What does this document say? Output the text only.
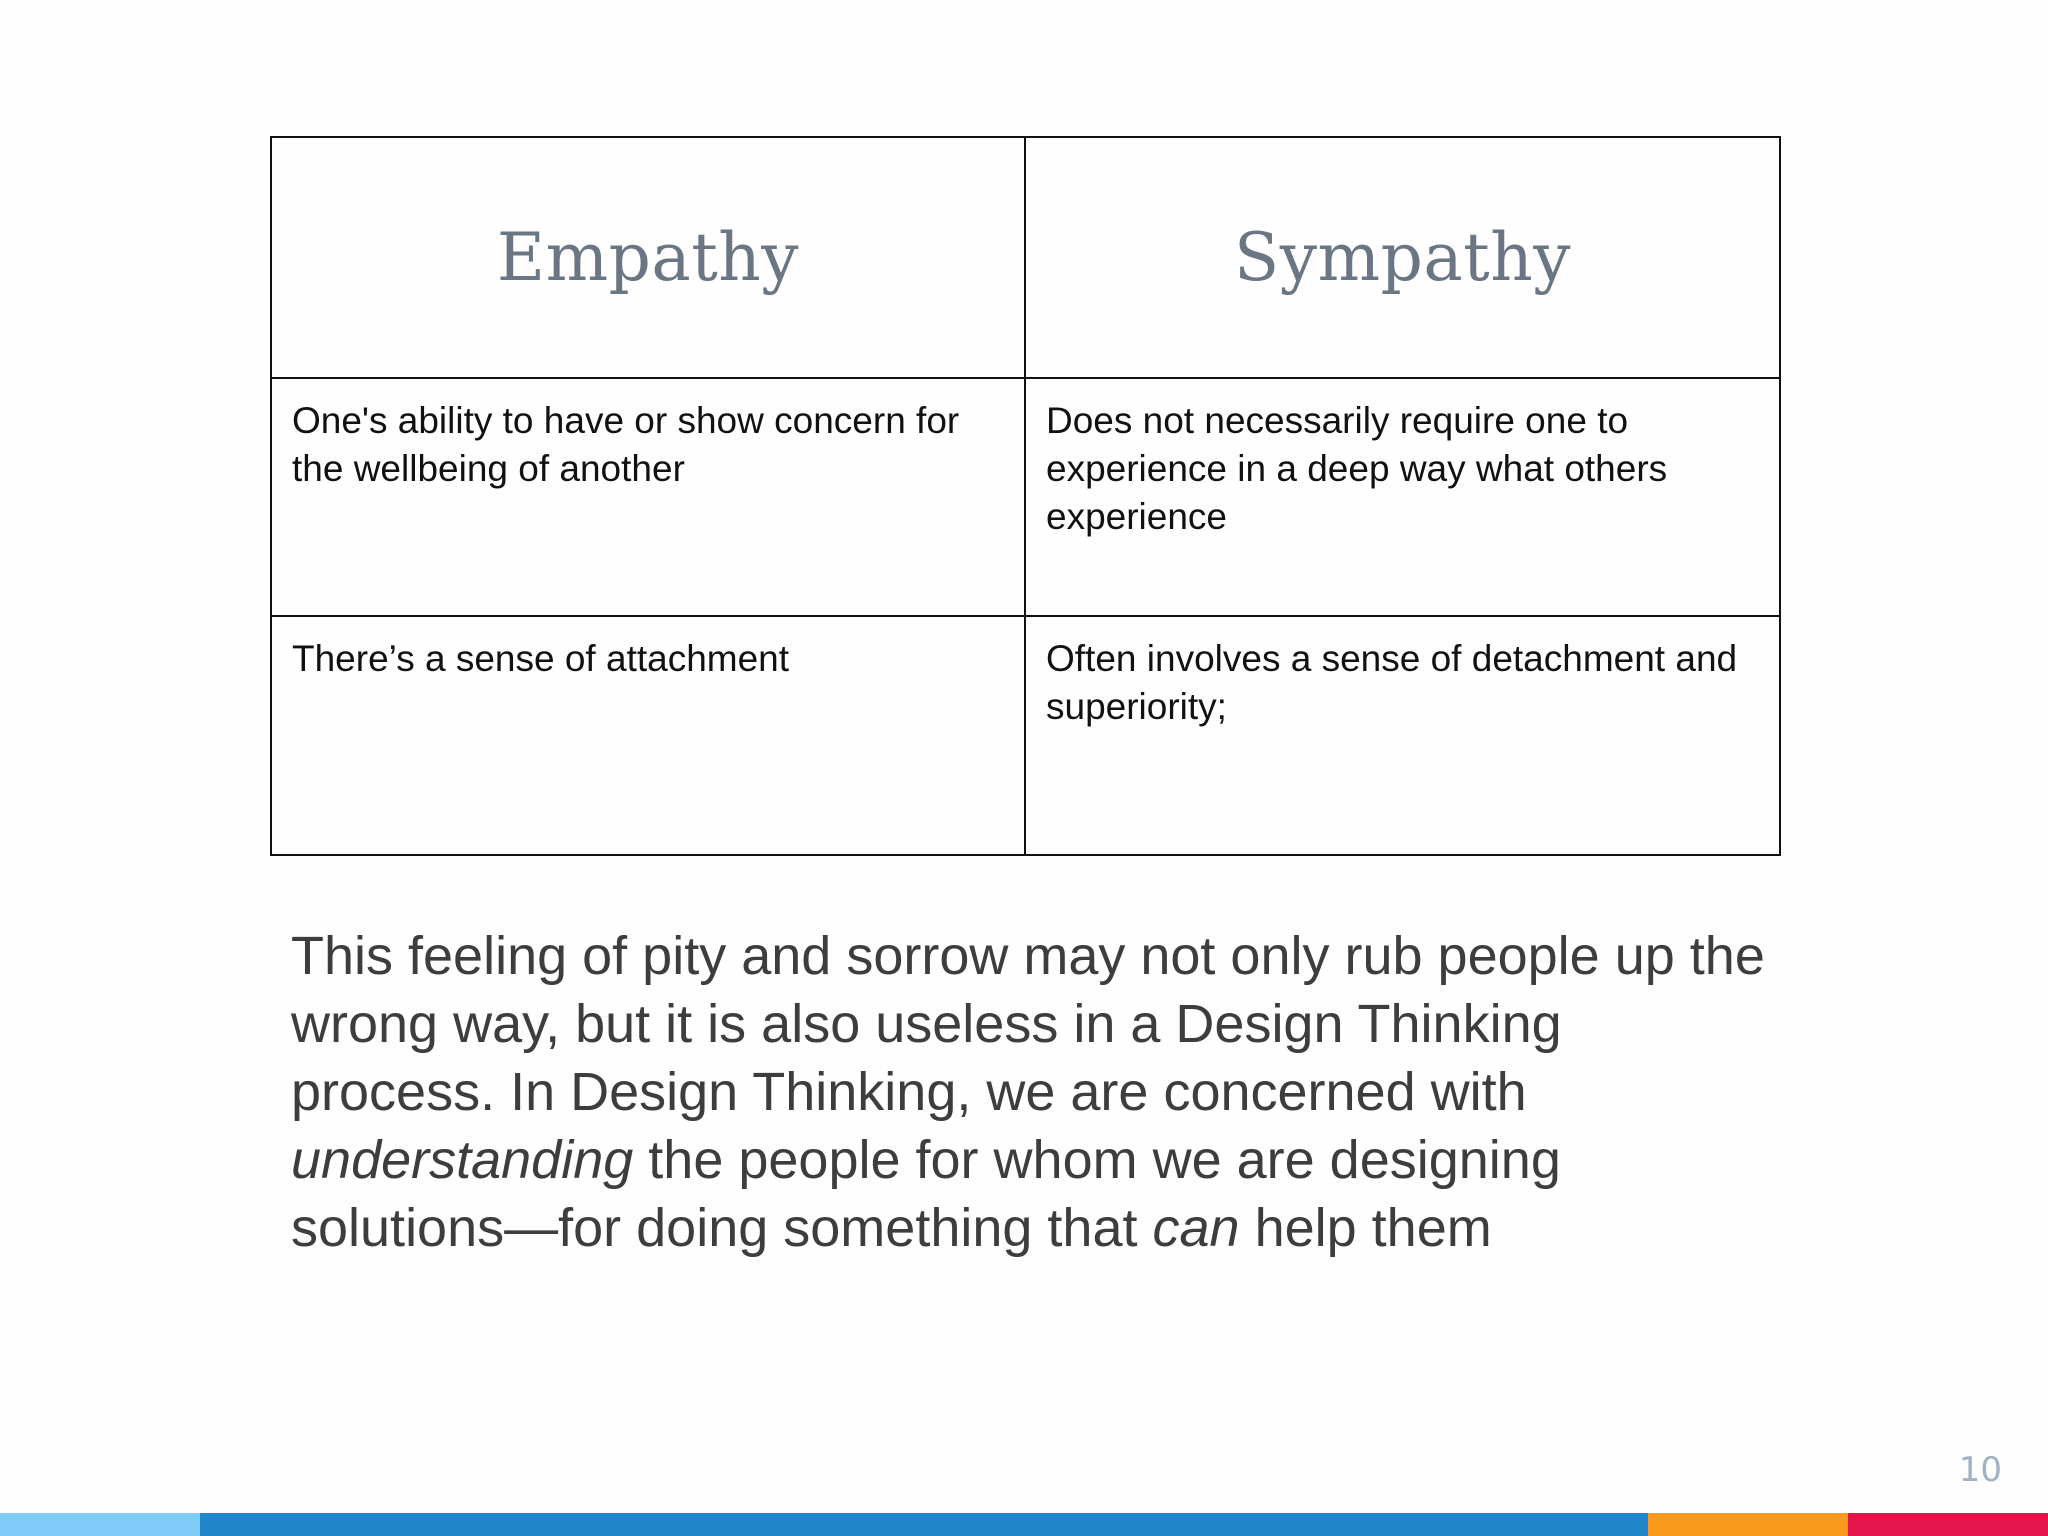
Empathy	Sympathy
One's ability to have or show concern for the wellbeing of another	Does not necessarily require one to experience in a deep way what others experience
There’s a sense of attachment	Often involves a sense of detachment and superiority;

This feeling of pity and sorrow may not only rub people up the wrong way, but it is also useless in a Design Thinking process. In Design Thinking, we are concerned with understanding the people for whom we are designing solutions—for doing something that can help them

10
